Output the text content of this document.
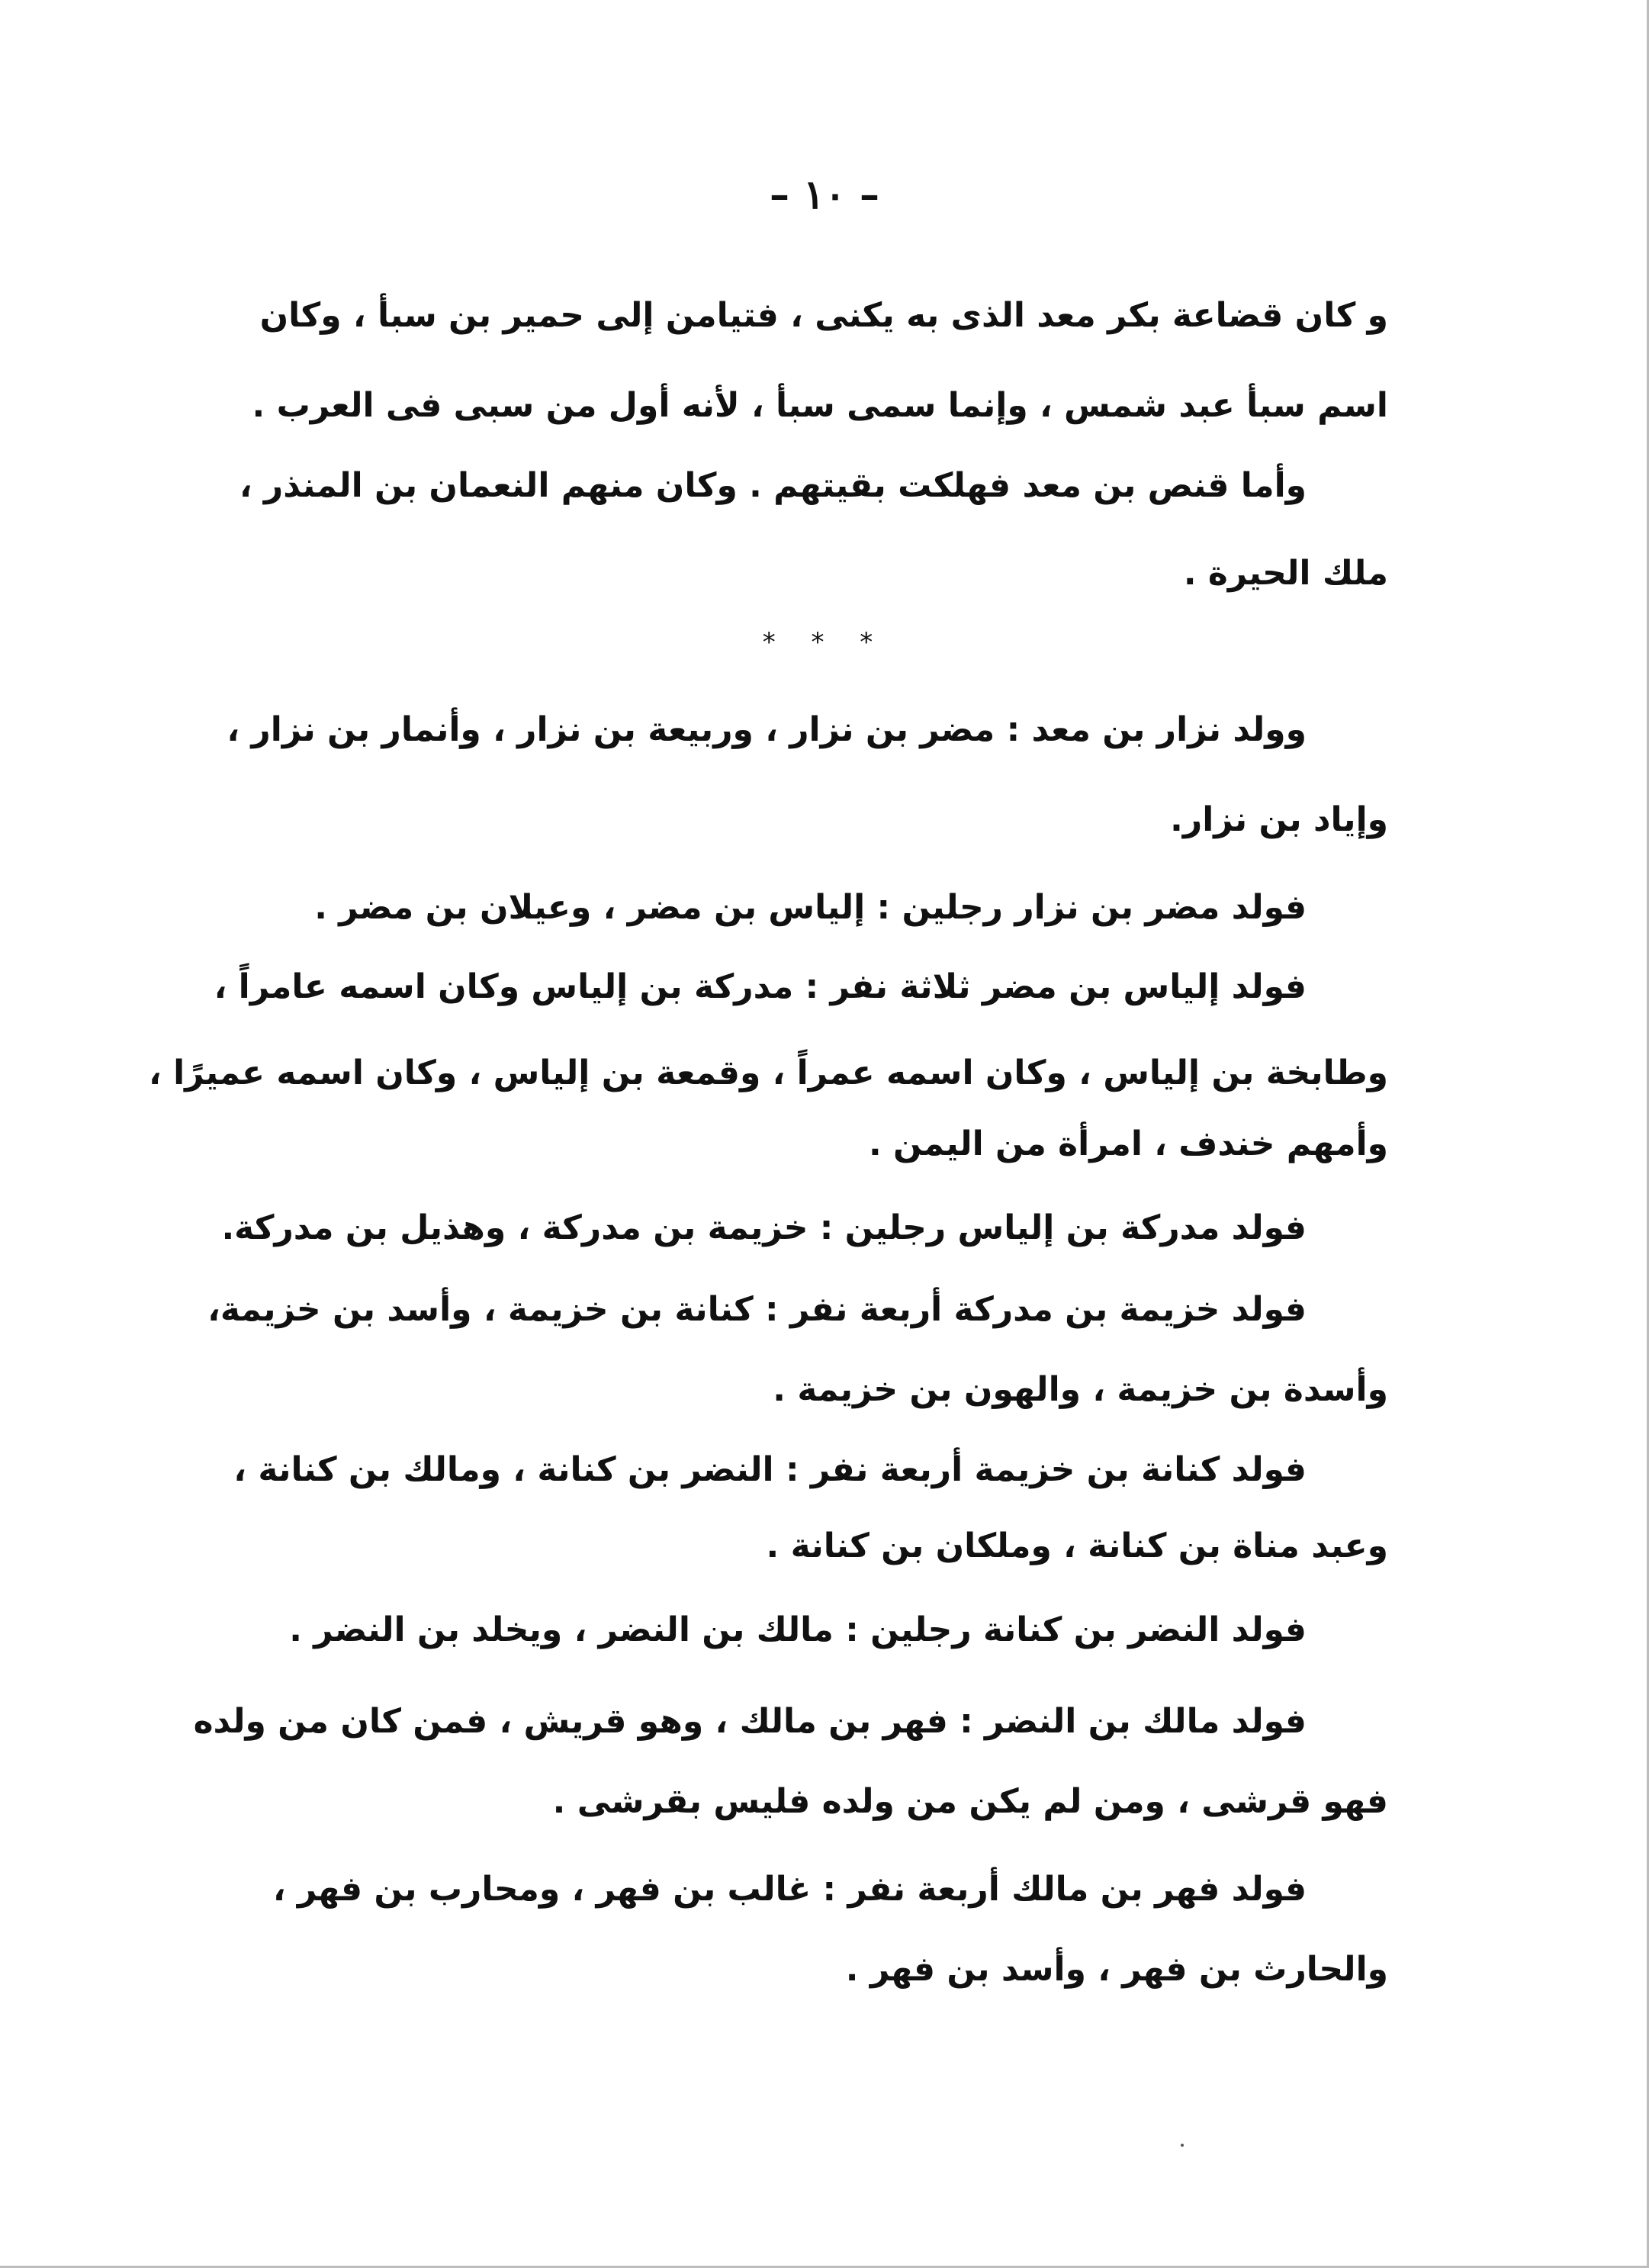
– ١٠ –
و كان قضاعة بكر معد الذى به يكنى ، فتيامن إلى حمير بن سبأ ، وكان
اسم سبأ عبد شمس ، وإنما سمى سبأ ، لأنه أول من سبى فى العرب .
وأما قنص بن معد فهلكت بقيتهم . وكان منهم النعمان بن المنذر ،
ملك الحيرة .
* * *
وولد نزار بن معد : مضر بن نزار ، وربيعة بن نزار ، وأنمار بن نزار ،
وإياد بن نزار.
فولد مضر بن نزار رجلين : إلياس بن مضر ، وعيلان بن مضر .
فولد إلياس بن مضر ثلاثة نفر : مدركة بن إلياس وكان اسمه عامراً ،
وطابخة بن إلياس ، وكان اسمه عمراً ، وقمعة بن إلياس ، وكان اسمه عميرًا ،
وأمهم خندف ، امرأة من اليمن .
فولد مدركة بن إلياس رجلين : خزيمة بن مدركة ، وهذيل بن مدركة.
فولد خزيمة بن مدركة أربعة نفر : كنانة بن خزيمة ، وأسد بن خزيمة،
وأسدة بن خزيمة ، والهون بن خزيمة .
فولد كنانة بن خزيمة أربعة نفر : النضر بن كنانة ، ومالك بن كنانة ،
وعبد مناة بن كنانة ، وملكان بن كنانة .
فولد النضر بن كنانة رجلين : مالك بن النضر ، ويخلد بن النضر .
فولد مالك بن النضر : فهر بن مالك ، وهو قريش ، فمن كان من ولده
فهو قرشى ، ومن لم يكن من ولده فليس بقرشى .
فولد فهر بن مالك أربعة نفر : غالب بن فهر ، ومحارب بن فهر ،
والحارث بن فهر ، وأسد بن فهر .
